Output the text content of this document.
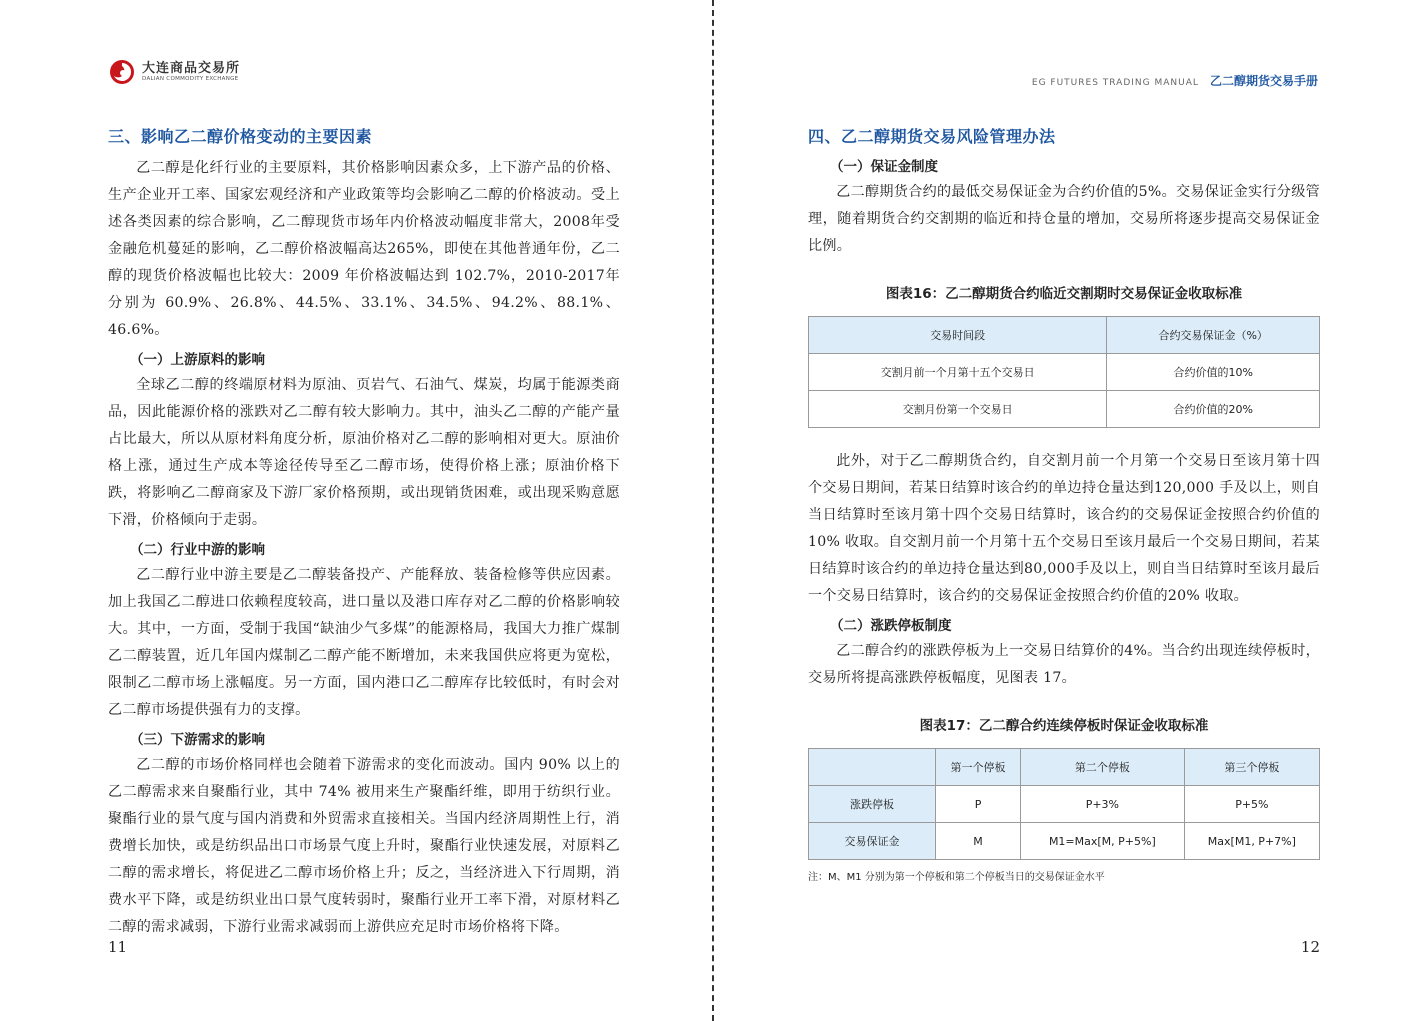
大连商品交易所
DALIAN COMMODITY EXCHANGE
三、影响乙二醇价格变动的主要因素

乙二醇是化纤行业的主要原料，其价格影响因素众多，上下游产品的价格、生产企业开工率、国家宏观经济和产业政策等均会影响乙二醇的价格波动。受上述各类因素的综合影响，乙二醇现货市场年内价格波动幅度非常大，2008年受金融危机蔓延的影响，乙二醇价格波幅高达265%，即使在其他普通年份，乙二醇的现货价格波幅也比较大：2009 年价格波幅达到 102.7%，2010-2017年分别为 60.9%、26.8%、44.5%、33.1%、34.5%、94.2%、88.1%、46.6%。

（一）上游原料的影响

全球乙二醇的终端原材料为原油、页岩气、石油气、煤炭，均属于能源类商品，因此能源价格的涨跌对乙二醇有较大影响力。其中，油头乙二醇的产能产量占比最大，所以从原材料角度分析，原油价格对乙二醇的影响相对更大。原油价格上涨，通过生产成本等途径传导至乙二醇市场，使得价格上涨；原油价格下跌，将影响乙二醇商家及下游厂家价格预期，或出现销货困难，或出现采购意愿下滑，价格倾向于走弱。

（二）行业中游的影响

乙二醇行业中游主要是乙二醇装备投产、产能释放、装备检修等供应因素。加上我国乙二醇进口依赖程度较高，进口量以及港口库存对乙二醇的价格影响较大。其中，一方面，受制于我国“缺油少气多煤”的能源格局，我国大力推广煤制乙二醇装置，近几年国内煤制乙二醇产能不断增加，未来我国供应将更为宽松，限制乙二醇市场上涨幅度。另一方面，国内港口乙二醇库存比较低时，有时会对乙二醇市场提供强有力的支撑。

（三）下游需求的影响

乙二醇的市场价格同样也会随着下游需求的变化而波动。国内 90% 以上的乙二醇需求来自聚酯行业，其中 74% 被用来生产聚酯纤维，即用于纺织行业。聚酯行业的景气度与国内消费和外贸需求直接相关。当国内经济周期性上行，消费增长加快，或是纺织品出口市场景气度上升时，聚酯行业快速发展，对原料乙二醇的需求增长，将促进乙二醇市场价格上升；反之，当经济进入下行周期，消费水平下降，或是纺织业出口景气度转弱时，聚酯行业开工率下滑，对原材料乙二醇的需求减弱，下游行业需求减弱而上游供应充足时市场价格将下降。

11
EG FUTURES TRADING MANUAL 乙二醇期货交易手册
四、乙二醇期货交易风险管理办法
（一）保证金制度

乙二醇期货合约的最低交易保证金为合约价值的5%。交易保证金实行分级管理，随着期货合约交割期的临近和持仓量的增加，交易所将逐步提高交易保证金比例。

图表16：乙二醇期货合约临近交割期时交易保证金收取标准
交易时间段	合约交易保证金（%）
交割月前一个月第十五个交易日	合约价值的10%
交割月份第一个交易日	合约价值的20%

此外，对于乙二醇期货合约，自交割月前一个月第一个交易日至该月第十四个交易日期间，若某日结算时该合约的单边持仓量达到120,000 手及以上，则自当日结算时至该月第十四个交易日结算时，该合约的交易保证金按照合约价值的10% 收取。自交割月前一个月第十五个交易日至该月最后一个交易日期间，若某日结算时该合约的单边持仓量达到80,000手及以上，则自当日结算时至该月最后一个交易日结算时，该合约的交易保证金按照合约价值的20% 收取。

（二）涨跌停板制度

乙二醇合约的涨跌停板为上一交易日结算价的4%。当合约出现连续停板时，交易所将提高涨跌停板幅度，见图表 17。

图表17：乙二醇合约连续停板时保证金收取标准
	第一个停板	第二个停板	第三个停板
涨跌停板	P	P+3%	P+5%
交易保证金	M	M1=Max[M, P+5%]	Max[M1, P+7%]
注：M、M1 分别为第一个停板和第二个停板当日的交易保证金水平
12
